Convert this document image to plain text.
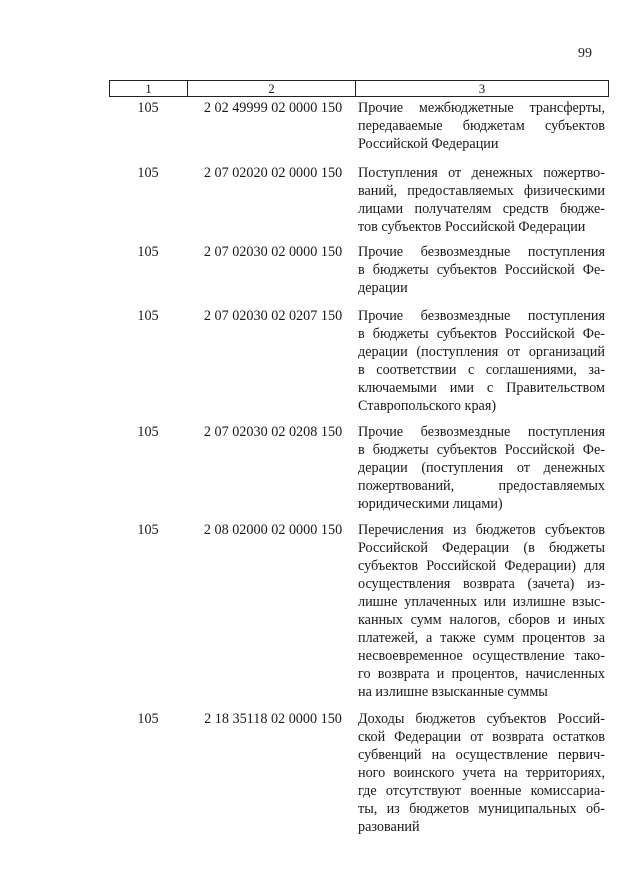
99
1	2	3
105	2 02 49999 02 0000 150	Прочие межбюджетные трансферты,
передаваемые бюджетам субъектов
Российской Федерации
105	2 07 02020 02 0000 150	Поступления от денежных пожертво-
ваний, предоставляемых физическими
лицами получателям средств бюдже-
тов субъектов Российской Федерации
105	2 07 02030 02 0000 150	Прочие безвозмездные поступления
в бюджеты субъектов Российской Фе-
дерации
105	2 07 02030 02 0207 150	Прочие безвозмездные поступления
в бюджеты субъектов Российской Фе-
дерации (поступления от организаций
в соответствии с соглашениями, за-
ключаемыми ими с Правительством
Ставропольского края)
105	2 07 02030 02 0208 150	Прочие безвозмездные поступления
в бюджеты субъектов Российской Фе-
дерации (поступления от денежных
пожертвований, предоставляемых
юридическими лицами)
105	2 08 02000 02 0000 150	Перечисления из бюджетов субъектов
Российской Федерации (в бюджеты
субъектов Российской Федерации) для
осуществления возврата (зачета) из-
лишне уплаченных или излишне взыс-
канных сумм налогов, сборов и иных
платежей, а также сумм процентов за
несвоевременное осуществление тако-
го возврата и процентов, начисленных
на излишне взысканные суммы
105	2 18 35118 02 0000 150	Доходы бюджетов субъектов Россий-
ской Федерации от возврата остатков
субвенций на осуществление первич-
ного воинского учета на территориях,
где отсутствуют военные комиссариа-
ты, из бюджетов муниципальных об-
разований
